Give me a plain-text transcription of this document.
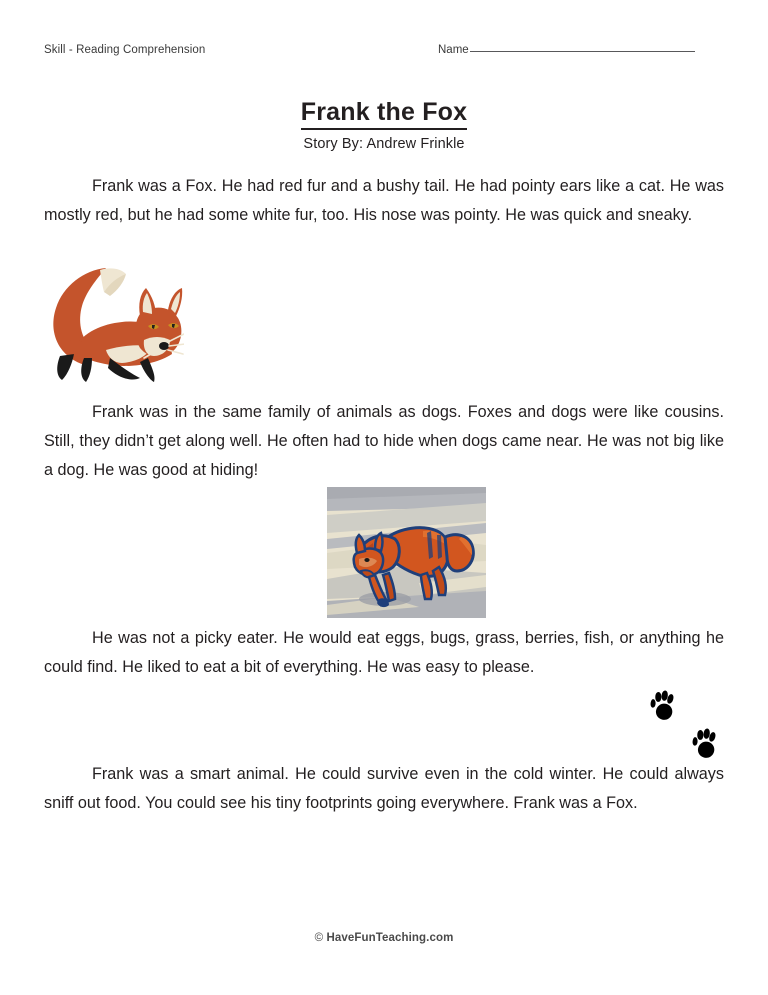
Skill - Reading Comprehension	Name
Frank the Fox
Story By: Andrew Frinkle
Frank was a Fox. He had red fur and a bushy tail. He had pointy ears like a cat. He was mostly red, but he had some white fur, too. His nose was pointy. He was quick and sneaky.
Frank was in the same family of animals as dogs. Foxes and dogs were like cousins. Still, they didn’t get along well. He often had to hide when dogs came near. He was not big like a dog. He was good at hiding!
He was not a picky eater. He would eat eggs, bugs, grass, berries, fish, or anything he could find. He liked to eat a bit of everything. He was easy to please.
Frank was a smart animal. He could survive even in the cold winter. He could always sniff out food. You could see his tiny footprints going everywhere. Frank was a Fox.
© HaveFunTeaching.com
